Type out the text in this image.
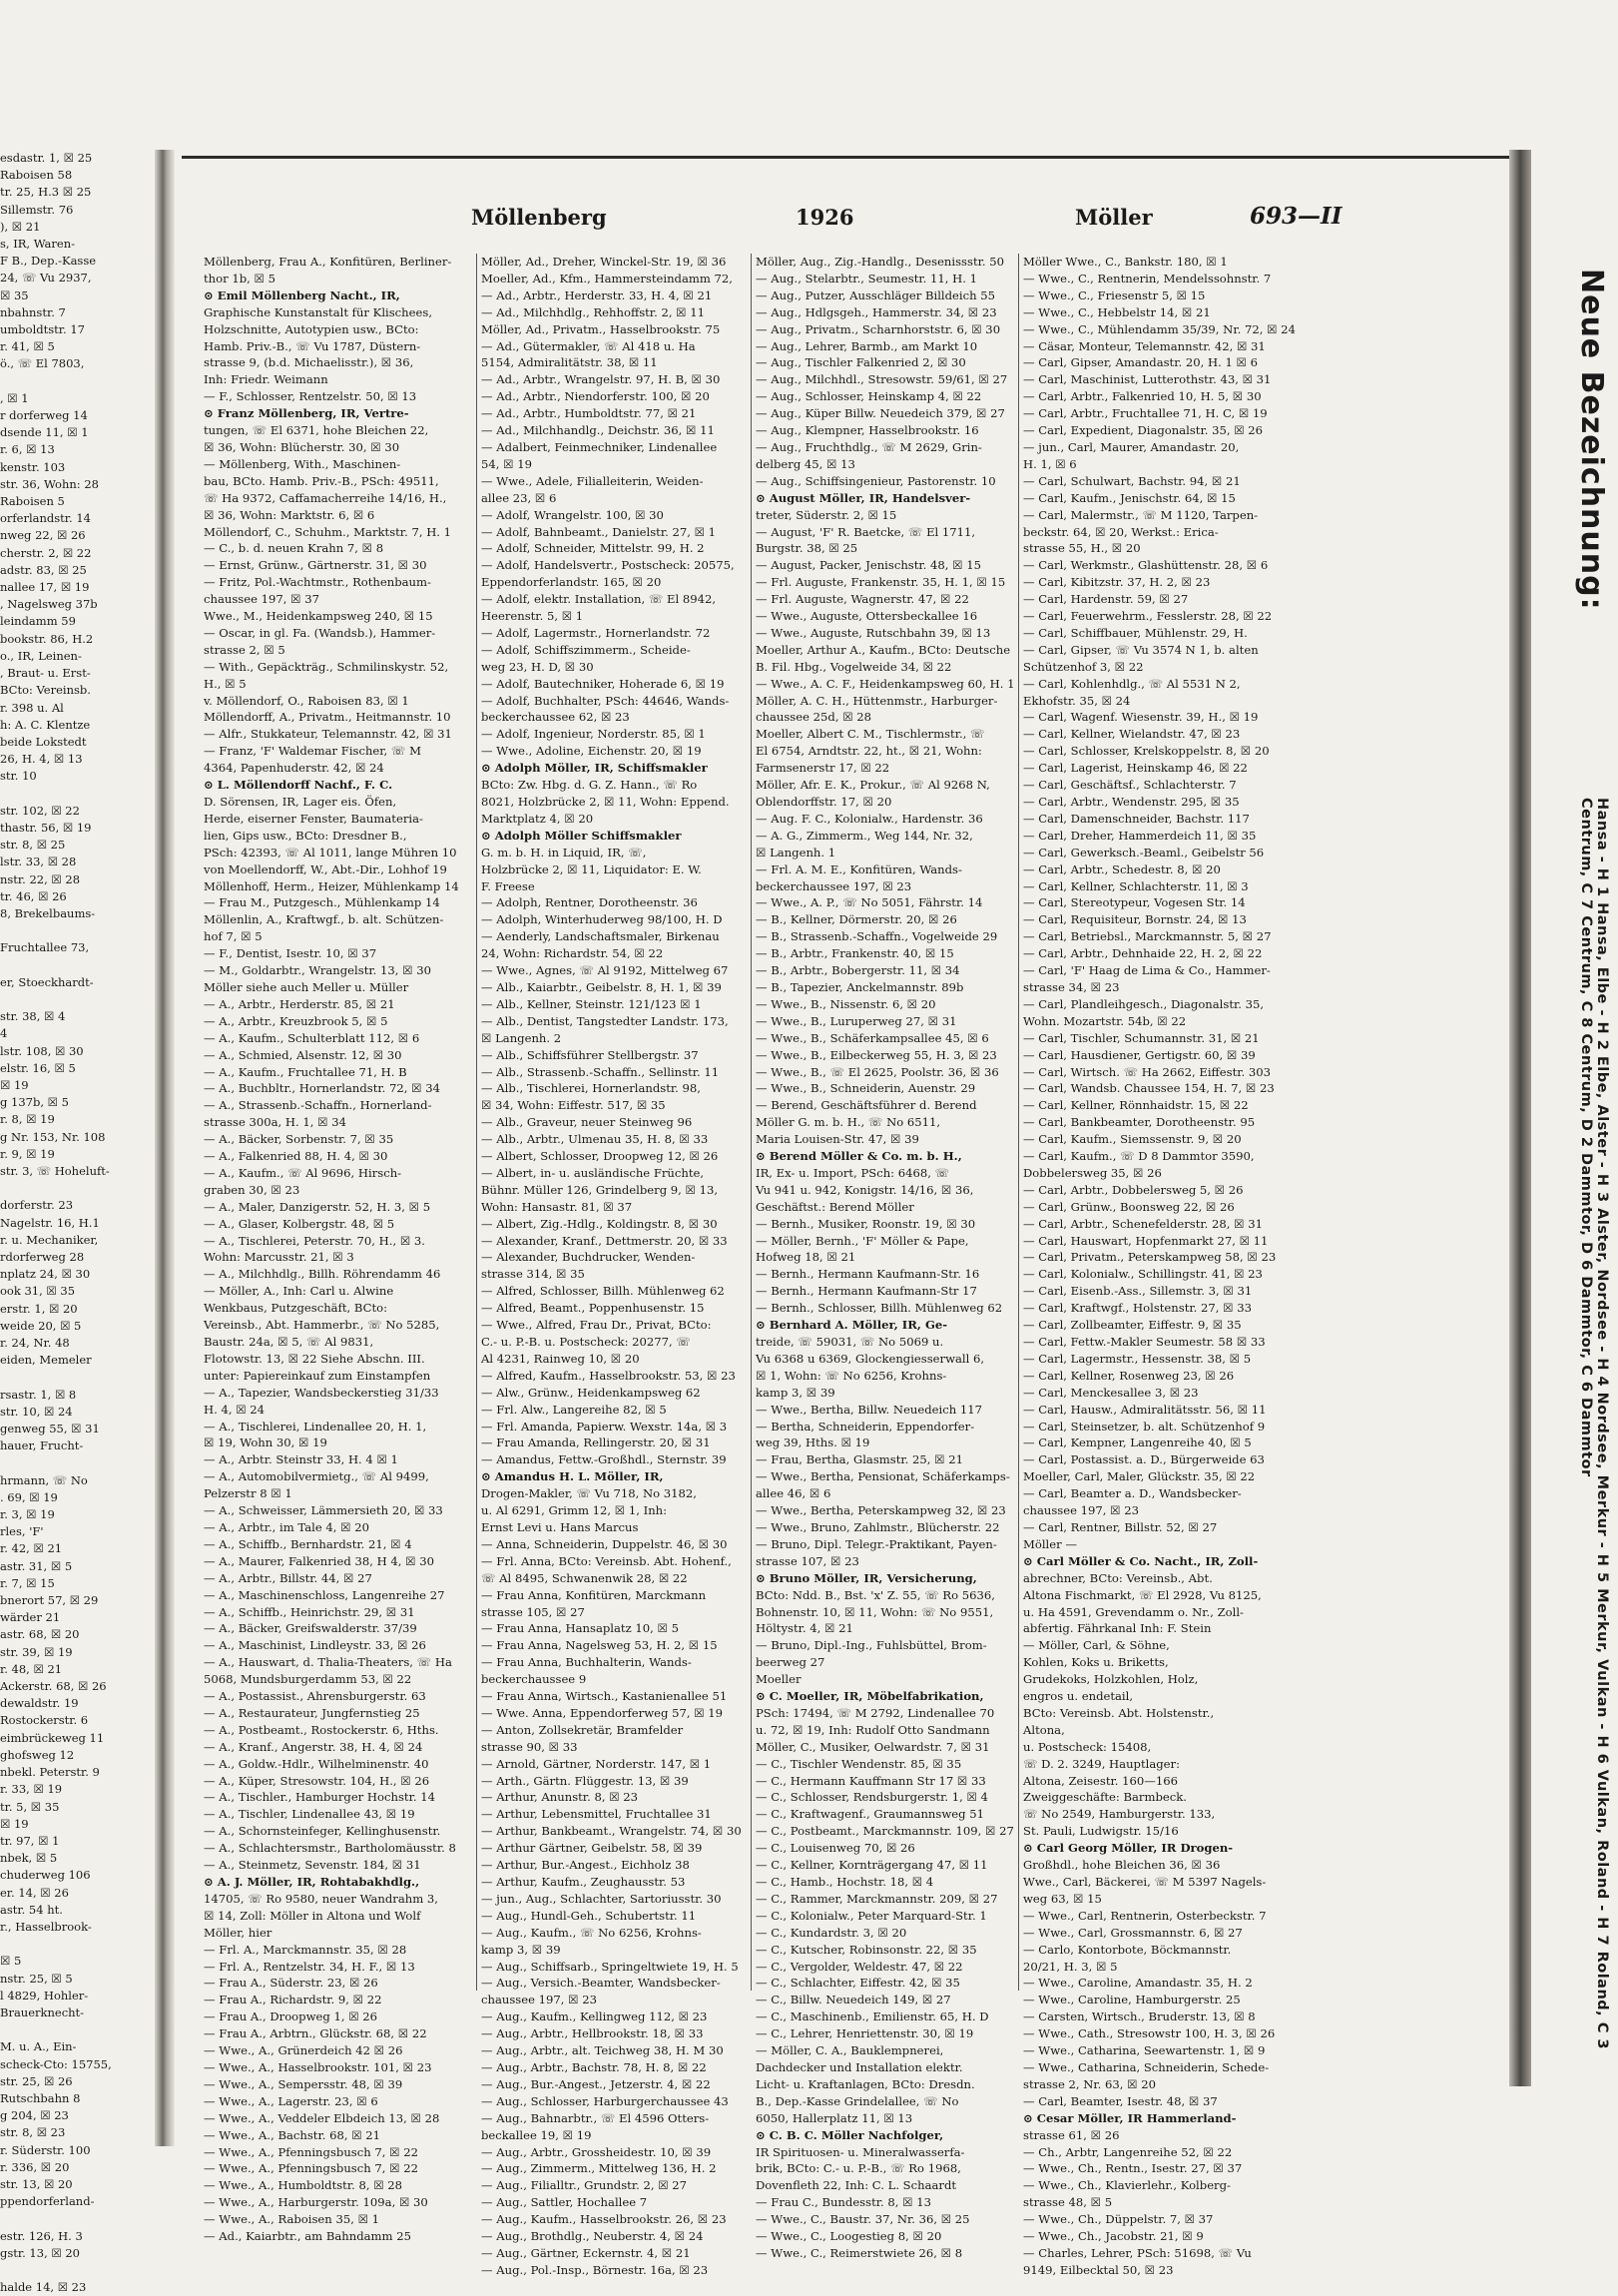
esdastr. 1, ☒ 25
Raboisen 58
tr. 25, H.3 ☒ 25
Sillemstr. 76
), ☒ 21
s, IR, Waren-
F B., Dep.-Kasse
24, ☏ Vu 2937,
☒ 35
nbahnstr. 7
umboldtstr. 17
r. 41, ☒ 5
ö., ☏ El 7803,

, ☒ 1
r dorferweg 14
dsende 11, ☒ 1
r. 6, ☒ 13
kenstr. 103
str. 36, Wohn: 28
Raboisen 5
orferlandstr. 14
nweg 22, ☒ 26
cherstr. 2, ☒ 22
adstr. 83, ☒ 25
nallee 17, ☒ 19
, Nagelsweg 37b
leindamm 59
bookstr. 86, H.2
o., IR, Leinen-
, Braut- u. Erst-
BCto: Vereinsb.
r. 398 u. Al
h: A. C. Klentze
beide Lokstedt
26, H. 4, ☒ 13
str. 10

str. 102, ☒ 22
thastr. 56, ☒ 19
str. 8, ☒ 25
lstr. 33, ☒ 28
nstr. 22, ☒ 28
tr. 46, ☒ 26
8, Brekelbaums-

Fruchtallee 73,

er, Stoeckhardt-

str. 38, ☒ 4
4
lstr. 108, ☒ 30
elstr. 16, ☒ 5
☒ 19
g 137b, ☒ 5
r. 8, ☒ 19
g Nr. 153, Nr. 108
r. 9, ☒ 19
str. 3, ☏ Hoheluft-

dorferstr. 23
Nagelstr. 16, H.1
r. u. Mechaniker,
rdorferweg 28
nplatz 24, ☒ 30
ook 31, ☒ 35
erstr. 1, ☒ 20
weide 20, ☒ 5
r. 24, Nr. 48
eiden, Memeler

rsastr. 1, ☒ 8
str. 10, ☒ 24
genweg 55, ☒ 31
hauer, Frucht-

hrmann, ☏ No
. 69, ☒ 19
r. 3, ☒ 19
rles, 'F'
r. 42, ☒ 21
astr. 31, ☒ 5
r. 7, ☒ 15
bnerort 57, ☒ 29
wärder 21
astr. 68, ☒ 20
str. 39, ☒ 19
r. 48, ☒ 21
Ackerstr. 68, ☒ 26
dewaldstr. 19
Rostockerstr. 6
eimbrückeweg 11
ghofsweg 12
nbekl. Peterstr. 9
r. 33, ☒ 19
tr. 5, ☒ 35
☒ 19
tr. 97, ☒ 1
nbek, ☒ 5
chuderweg 106
er. 14, ☒ 26
astr. 54 ht.
r., Hasselbrook-

☒ 5
nstr. 25, ☒ 5
l 4829, Hohler-
Brauerknecht-

M. u. A., Ein-
scheck-Cto: 15755,
str. 25, ☒ 26
Rutschbahn 8
g 204, ☒ 23
str. 8, ☒ 23
r. Süderstr. 100
r. 336, ☒ 20
str. 13, ☒ 20
ppendorferland-

estr. 126, H. 3
gstr. 13, ☒ 20

halde 14, ☒ 23
Möllenberg	1926	Möller	693—II
Möllenberg, Frau A., Konfitüren, Berliner-
thor 1b, ☒ 5
⊙ Emil Möllenberg Nacht., IR,
Graphische Kunstanstalt für Klischees,
Holzschnitte, Autotypien usw., BCto:
Hamb. Priv.-B., ☏ Vu 1787, Düstern-
strasse 9, (b.d. Michaelisstr.), ☒ 36,
Inh: Friedr. Weimann
— F., Schlosser, Rentzelstr. 50, ☒ 13
⊙ Franz Möllenberg, IR, Vertre-
tungen, ☏ El 6371, hohe Bleichen 22,
☒ 36, Wohn: Blücherstr. 30, ☒ 30
— Möllenberg, With., Maschinen-
bau, BCto. Hamb. Priv.-B., PSch: 49511,
☏ Ha 9372, Caffamacherreihe 14/16, H.,
☒ 36, Wohn: Marktstr. 6, ☒ 6
Möllendorf, C., Schuhm., Marktstr. 7, H. 1
— C., b. d. neuen Krahn 7, ☒ 8
— Ernst, Grünw., Gärtnerstr. 31, ☒ 30
— Fritz, Pol.-Wachtmstr., Rothenbaum-
chaussee 197, ☒ 37
Wwe., M., Heidenkampsweg 240, ☒ 15
— Oscar, in gl. Fa. (Wandsb.), Hammer-
strasse 2, ☒ 5
— With., Gepäckträg., Schmilinskystr. 52,
H., ☒ 5
v. Möllendorf, O., Raboisen 83, ☒ 1
Möllendorff, A., Privatm., Heitmannstr. 10
— Alfr., Stukkateur, Telemannstr. 42, ☒ 31
— Franz, 'F' Waldemar Fischer, ☏ M
4364, Papenhuderstr. 42, ☒ 24
⊙ L. Möllendorff Nachf., F. C.
D. Sörensen, IR, Lager eis. Öfen,
Herde, eiserner Fenster, Baumateria-
lien, Gips usw., BCto: Dresdner B.,
PSch: 42393, ☏ Al 1011, lange Mühren 10
von Moellendorff, W., Abt.-Dir., Lohhof 19
Möllenhoff, Herm., Heizer, Mühlenkamp 14
— Frau M., Putzgesch., Mühlenkamp 14
Möllenlin, A., Kraftwgf., b. alt. Schützen-
hof 7, ☒ 5
— F., Dentist, Isestr. 10, ☒ 37
— M., Goldarbtr., Wrangelstr. 13, ☒ 30
Möller siehe auch Meller u. Müller
— A., Arbtr., Herderstr. 85, ☒ 21
— A., Arbtr., Kreuzbrook 5, ☒ 5
— A., Kaufm., Schulterblatt 112, ☒ 6
— A., Schmied, Alsenstr. 12, ☒ 30
— A., Kaufm., Fruchtallee 71, H. B
— A., Buchbltr., Hornerlandstr. 72, ☒ 34
— A., Strassenb.-Schaffn., Hornerland-
strasse 300a, H. 1, ☒ 34
— A., Bäcker, Sorbenstr. 7, ☒ 35
— A., Falkenried 88, H. 4, ☒ 30
— A., Kaufm., ☏ Al 9696, Hirsch-
graben 30, ☒ 23
— A., Maler, Danzigerstr. 52, H. 3, ☒ 5
— A., Glaser, Kolbergstr. 48, ☒ 5
— A., Tischlerei, Peterstr. 70, H., ☒ 3.
Wohn: Marcusstr. 21, ☒ 3
— A., Milchhdlg., Billh. Röhrendamm 46
— Möller, A., Inh: Carl u. Alwine
Wenkbaus, Putzgeschäft, BCto:
Vereinsb., Abt. Hammerbr., ☏ No 5285,
Baustr. 24a, ☒ 5, ☏ Al 9831,
Flotowstr. 13, ☒ 22 Siehe Abschn. III.
unter: Papiereinkauf zum Einstampfen
— A., Tapezier, Wandsbeckerstieg 31/33
H. 4, ☒ 24
— A., Tischlerei, Lindenallee 20, H. 1,
☒ 19, Wohn 30, ☒ 19
— A., Arbtr. Steinstr 33, H. 4 ☒ 1
— A., Automobilvermietg., ☏ Al 9499,
Pelzerstr 8 ☒ 1
— A., Schweisser, Lämmersieth 20, ☒ 33
— A., Arbtr., im Tale 4, ☒ 20
— A., Schiffb., Bernhardstr. 21, ☒ 4
— A., Maurer, Falkenried 38, H 4, ☒ 30
— A., Arbtr., Billstr. 44, ☒ 27
— A., Maschinenschloss, Langenreihe 27
— A., Schiffb., Heinrichstr. 29, ☒ 31
— A., Bäcker, Greifswalderstr. 37/39
— A., Maschinist, Lindleystr. 33, ☒ 26
— A., Hauswart, d. Thalia-Theaters, ☏ Ha
5068, Mundsburgerdamm 53, ☒ 22
— A., Postassist., Ahrensburgerstr. 63
— A., Restaurateur, Jungfernstieg 25
— A., Postbeamt., Rostockerstr. 6, Hths.
— A., Kranf., Angerstr. 38, H. 4, ☒ 24
— A., Goldw.-Hdlr., Wilhelminenstr. 40
— A., Küper, Stresowstr. 104, H., ☒ 26
— A., Tischler., Hamburger Hochstr. 14
— A., Tischler, Lindenallee 43, ☒ 19
— A., Schornsteinfeger, Kellinghusenstr.
— A., Schlachtersmstr., Bartholomäusstr. 8
— A., Steinmetz, Sevenstr. 184, ☒ 31
⊙ A. J. Möller, IR, Rohtabakhdlg.,
14705, ☏ Ro 9580, neuer Wandrahm 3,
☒ 14, Zoll: Möller in Altona und Wolf
Möller, hier
— Frl. A., Marckmannstr. 35, ☒ 28
— Frl. A., Rentzelstr. 34, H. F., ☒ 13
— Frau A., Süderstr. 23, ☒ 26
— Frau A., Richardstr. 9, ☒ 22
— Frau A., Droopweg 1, ☒ 26
— Frau A., Arbtrn., Glückstr. 68, ☒ 22
— Wwe., A., Grünerdeich 42 ☒ 26
— Wwe., A., Hasselbrookstr. 101, ☒ 23
— Wwe., A., Sempersstr. 48, ☒ 39
— Wwe., A., Lagerstr. 23, ☒ 6
— Wwe., A., Veddeler Elbdeich 13, ☒ 28
— Wwe., A., Bachstr. 68, ☒ 21
— Wwe., A., Pfenningsbusch 7, ☒ 22
— Wwe., A., Pfenningsbusch 7, ☒ 22
— Wwe., A., Humboldtstr. 8, ☒ 28
— Wwe., A., Harburgerstr. 109a, ☒ 30
— Wwe., A., Raboisen 35, ☒ 1
— Ad., Kaiarbtr., am Bahndamm 25
Möller, Ad., Dreher, Winckel-Str. 19, ☒ 36
Moeller, Ad., Kfm., Hammersteindamm 72,
— Ad., Arbtr., Herderstr. 33, H. 4, ☒ 21
— Ad., Milchhdlg., Rehhoffstr. 2, ☒ 11
Möller, Ad., Privatm., Hasselbrookstr. 75
— Ad., Gütermakler, ☏ Al 418 u. Ha
5154, Admiralitätstr. 38, ☒ 11
— Ad., Arbtr., Wrangelstr. 97, H. B, ☒ 30
— Ad., Arbtr., Niendorferstr. 100, ☒ 20
— Ad., Arbtr., Humboldtstr. 77, ☒ 21
— Ad., Milchhandlg., Deichstr. 36, ☒ 11
— Adalbert, Feinmechniker, Lindenallee
54, ☒ 19
— Wwe., Adele, Filialleiterin, Weiden-
allee 23, ☒ 6
— Adolf, Wrangelstr. 100, ☒ 30
— Adolf, Bahnbeamt., Danielstr. 27, ☒ 1
— Adolf, Schneider, Mittelstr. 99, H. 2
— Adolf, Handelsvertr., Postscheck: 20575,
Eppendorferlandstr. 165, ☒ 20
— Adolf, elektr. Installation, ☏ El 8942,
Heerenstr. 5, ☒ 1
— Adolf, Lagermstr., Hornerlandstr. 72
— Adolf, Schiffszimmerm., Scheide-
weg 23, H. D, ☒ 30
— Adolf, Bautechniker, Hoherade 6, ☒ 19
— Adolf, Buchhalter, PSch: 44646, Wands-
beckerchaussee 62, ☒ 23
— Adolf, Ingenieur, Norderstr. 85, ☒ 1
— Wwe., Adoline, Eichenstr. 20, ☒ 19
⊙ Adolph Möller, IR, Schiffsmakler
BCto: Zw. Hbg. d. G. Z. Hann., ☏ Ro
8021, Holzbrücke 2, ☒ 11, Wohn: Eppend.
Marktplatz 4, ☒ 20
⊙ Adolph Möller Schiffsmakler
G. m. b. H. in Liquid, IR, ☏,
Holzbrücke 2, ☒ 11, Liquidator: E. W.
F. Freese
— Adolph, Rentner, Dorotheenstr. 36
— Adolph, Winterhuderweg 98/100, H. D
— Aenderly, Landschaftsmaler, Birkenau
24, Wohn: Richardstr. 54, ☒ 22
— Wwe., Agnes, ☏ Al 9192, Mittelweg 67
— Alb., Kaiarbtr., Geibelstr. 8, H. 1, ☒ 39
— Alb., Kellner, Steinstr. 121/123 ☒ 1
— Alb., Dentist, Tangstedter Landstr. 173,
☒ Langenh. 2
— Alb., Schiffsführer Stellbergstr. 37
— Alb., Strassenb.-Schaffn., Sellinstr. 11
— Alb., Tischlerei, Hornerlandstr. 98,
☒ 34, Wohn: Eiffestr. 517, ☒ 35
— Alb., Graveur, neuer Steinweg 96
— Alb., Arbtr., Ulmenau 35, H. 8, ☒ 33
— Albert, Schlosser, Droopweg 12, ☒ 26
— Albert, in- u. ausländische Früchte,
Bühnr. Müller 126, Grindelberg 9, ☒ 13,
Wohn: Hansastr. 81, ☒ 37
— Albert, Zig.-Hdlg., Koldingstr. 8, ☒ 30
— Alexander, Kranf., Dettmerstr. 20, ☒ 33
— Alexander, Buchdrucker, Wenden-
strasse 314, ☒ 35
— Alfred, Schlosser, Billh. Mühlenweg 62
— Alfred, Beamt., Poppenhusenstr. 15
— Wwe., Alfred, Frau Dr., Privat, BCto:
C.- u. P.-B. u. Postscheck: 20277, ☏
Al 4231, Rainweg 10, ☒ 20
— Alfred, Kaufm., Hasselbrookstr. 53, ☒ 23
— Alw., Grünw., Heidenkampsweg 62
— Frl. Alw., Langereihe 82, ☒ 5
— Frl. Amanda, Papierw. Wexstr. 14a, ☒ 3
— Frau Amanda, Rellingerstr. 20, ☒ 31
— Amandus, Fettw.-Großhdl., Sternstr. 39
⊙ Amandus H. L. Möller, IR,
Drogen-Makler, ☏ Vu 718, No 3182,
u. Al 6291, Grimm 12, ☒ 1, Inh:
Ernst Levi u. Hans Marcus
— Anna, Schneiderin, Duppelstr. 46, ☒ 30
— Frl. Anna, BCto: Vereinsb. Abt. Hohenf.,
☏ Al 8495, Schwanenwik 28, ☒ 22
— Frau Anna, Konfitüren, Marckmann
strasse 105, ☒ 27
— Frau Anna, Hansaplatz 10, ☒ 5
— Frau Anna, Nagelsweg 53, H. 2, ☒ 15
— Frau Anna, Buchhalterin, Wands-
beckerchaussee 9
— Frau Anna, Wirtsch., Kastanienallee 51
— Wwe. Anna, Eppendorferweg 57, ☒ 19
— Anton, Zollsekretär, Bramfelder
strasse 90, ☒ 33
— Arnold, Gärtner, Norderstr. 147, ☒ 1
— Arth., Gärtn. Flüggestr. 13, ☒ 39
— Arthur, Anunstr. 8, ☒ 23
— Arthur, Lebensmittel, Fruchtallee 31
— Arthur, Bankbeamt., Wrangelstr. 74, ☒ 30
— Arthur Gärtner, Geibelstr. 58, ☒ 39
— Arthur, Bur.-Angest., Eichholz 38
— Arthur, Kaufm., Zeughausstr. 53
— jun., Aug., Schlachter, Sartoriusstr. 30
— Aug., Hundl-Geh., Schubertstr. 11
— Aug., Kaufm., ☏ No 6256, Krohns-
kamp 3, ☒ 39
— Aug., Schiffsarb., Springeltwiete 19, H. 5
— Aug., Versich.-Beamter, Wandsbecker-
chaussee 197, ☒ 23
— Aug., Kaufm., Kellingweg 112, ☒ 23
— Aug., Arbtr., Hellbrookstr. 18, ☒ 33
— Aug., Arbtr., alt. Teichweg 38, H. M 30
— Aug., Arbtr., Bachstr. 78, H. 8, ☒ 22
— Aug., Bur.-Angest., Jetzerstr. 4, ☒ 22
— Aug., Schlosser, Harburgerchaussee 43
— Aug., Bahnarbtr., ☏ El 4596 Otters-
beckallee 19, ☒ 19
— Aug., Arbtr., Grossheidestr. 10, ☒ 39
— Aug., Zimmerm., Mittelweg 136, H. 2
— Aug., Filialltr., Grundstr. 2, ☒ 27
— Aug., Sattler, Hochallee 7
— Aug., Kaufm., Hasselbrookstr. 26, ☒ 23
— Aug., Brothdlg., Neuberstr. 4, ☒ 24
— Aug., Gärtner, Eckernstr. 4, ☒ 21
— Aug., Pol.-Insp., Börnestr. 16a, ☒ 23
Möller, Aug., Zig.-Handlg., Desenissstr. 50
— Aug., Stelarbtr., Seumestr. 11, H. 1
— Aug., Putzer, Ausschläger Billdeich 55
— Aug., Hdlgsgeh., Hammerstr. 34, ☒ 23
— Aug., Privatm., Scharnhorststr. 6, ☒ 30
— Aug., Lehrer, Barmb., am Markt 10
— Aug., Tischler Falkenried 2, ☒ 30
— Aug., Milchhdl., Stresowstr. 59/61, ☒ 27
— Aug., Schlosser, Heinskamp 4, ☒ 22
— Aug., Küper Billw. Neuedeich 379, ☒ 27
— Aug., Klempner, Hasselbrookstr. 16
— Aug., Fruchthdlg., ☏ M 2629, Grin-
delberg 45, ☒ 13
— Aug., Schiffsingenieur, Pastorenstr. 10
⊙ August Möller, IR, Handelsver-
treter, Süderstr. 2, ☒ 15
— August, 'F' R. Baetcke, ☏ El 1711,
Burgstr. 38, ☒ 25
— August, Packer, Jenischstr. 48, ☒ 15
— Frl. Auguste, Frankenstr. 35, H. 1, ☒ 15
— Frl. Auguste, Wagnerstr. 47, ☒ 22
— Wwe., Auguste, Ottersbeckallee 16
— Wwe., Auguste, Rutschbahn 39, ☒ 13
Moeller, Arthur A., Kaufm., BCto: Deutsche
B. Fil. Hbg., Vogelweide 34, ☒ 22
— Wwe., A. C. F., Heidenkampsweg 60, H. 1
Möller, A. C. H., Hüttenmstr., Harburger-
chaussee 25d, ☒ 28
Moeller, Albert C. M., Tischlermstr., ☏
El 6754, Arndtstr. 22, ht., ☒ 21, Wohn:
Farmsenerstr 17, ☒ 22
Möller, Afr. E. K., Prokur., ☏ Al 9268 N,
Oblendorffstr. 17, ☒ 20
— Aug. F. C., Kolonialw., Hardenstr. 36
— A. G., Zimmerm., Weg 144, Nr. 32,
☒ Langenh. 1
— Frl. A. M. E., Konfitüren, Wands-
beckerchaussee 197, ☒ 23
— Wwe., A. P., ☏ No 5051, Fährstr. 14
— B., Kellner, Dörmerstr. 20, ☒ 26
— B., Strassenb.-Schaffn., Vogelweide 29
— B., Arbtr., Frankenstr. 40, ☒ 15
— B., Arbtr., Bobergerstr. 11, ☒ 34
— B., Tapezier, Anckelmannstr. 89b
— Wwe., B., Nissenstr. 6, ☒ 20
— Wwe., B., Luruperweg 27, ☒ 31
— Wwe., B., Schäferkampsallee 45, ☒ 6
— Wwe., B., Eilbeckerweg 55, H. 3, ☒ 23
— Wwe., B., ☏ El 2625, Poolstr. 36, ☒ 36
— Wwe., B., Schneiderin, Auenstr. 29
— Berend, Geschäftsführer d. Berend
Möller G. m. b. H., ☏ No 6511,
Maria Louisen-Str. 47, ☒ 39
⊙ Berend Möller & Co. m. b. H.,
IR, Ex- u. Import, PSch: 6468, ☏
Vu 941 u. 942, Konigstr. 14/16, ☒ 36,
Geschäftst.: Berend Möller
— Bernh., Musiker, Roonstr. 19, ☒ 30
— Möller, Bernh., 'F' Möller & Pape,
Hofweg 18, ☒ 21
— Bernh., Hermann Kaufmann-Str. 16
— Bernh., Hermann Kaufmann-Str 17
— Bernh., Schlosser, Billh. Mühlenweg 62
⊙ Bernhard A. Möller, IR, Ge-
treide, ☏ 59031, ☏ No 5069 u.
Vu 6368 u 6369, Glockengiesserwall 6,
☒ 1, Wohn: ☏ No 6256, Krohns-
kamp 3, ☒ 39
— Wwe., Bertha, Billw. Neuedeich 117
— Bertha, Schneiderin, Eppendorfer-
weg 39, Hths. ☒ 19
— Frau, Bertha, Glasmstr. 25, ☒ 21
— Wwe., Bertha, Pensionat, Schäferkamps-
allee 46, ☒ 6
— Wwe., Bertha, Peterskampweg 32, ☒ 23
— Wwe., Bruno, Zahlmstr., Blücherstr. 22
— Bruno, Dipl. Telegr.-Praktikant, Payen-
strasse 107, ☒ 23
⊙ Bruno Möller, IR, Versicherung,
BCto: Ndd. B., Bst. 'x' Z. 55, ☏ Ro 5636,
Bohnenstr. 10, ☒ 11, Wohn: ☏ No 9551,
Höltystr. 4, ☒ 21
— Bruno, Dipl.-Ing., Fuhlsbüttel, Brom-
beerweg 27
Moeller
⊙ C. Moeller, IR, Möbelfabrikation,
PSch: 17494, ☏ M 2792, Lindenallee 70
u. 72, ☒ 19, Inh: Rudolf Otto Sandmann
Möller, C., Musiker, Oelwardstr. 7, ☒ 31
— C., Tischler Wendenstr. 85, ☒ 35
— C., Hermann Kauffmann Str 17 ☒ 33
— C., Schlosser, Rendsburgerstr. 1, ☒ 4
— C., Kraftwagenf., Graumannsweg 51
— C., Postbeamt., Marckmannstr. 109, ☒ 27
— C., Louisenweg 70, ☒ 26
— C., Kellner, Kornträgergang 47, ☒ 11
— C., Hamb., Hochstr. 18, ☒ 4
— C., Rammer, Marckmannstr. 209, ☒ 27
— C., Kolonialw., Peter Marquard-Str. 1
— C., Kundardstr. 3, ☒ 20
— C., Kutscher, Robinsonstr. 22, ☒ 35
— C., Vergolder, Weldestr. 47, ☒ 22
— C., Schlachter, Eiffestr. 42, ☒ 35
— C., Billw. Neuedeich 149, ☒ 27
— C., Maschinenb., Emilienstr. 65, H. D
— C., Lehrer, Henriettenstr. 30, ☒ 19
— Möller, C. A., Bauklempnerei,
Dachdecker und Installation elektr.
Licht- u. Kraftanlagen, BCto: Dresdn.
B., Dep.-Kasse Grindelallee, ☏ No
6050, Hallerplatz 11, ☒ 13
⊙ C. B. C. Möller Nachfolger,
IR Spirituosen- u. Mineralwasserfa-
brik, BCto: C.- u. P.-B., ☏ Ro 1968,
Dovenfleth 22, Inh: C. L. Schaardt
— Frau C., Bundesstr. 8, ☒ 13
— Wwe., C., Baustr. 37, Nr. 36, ☒ 25
— Wwe., C., Loogestieg 8, ☒ 20
— Wwe., C., Reimerstwiete 26, ☒ 8
Möller Wwe., C., Bankstr. 180, ☒ 1
— Wwe., C., Rentnerin, Mendelssohnstr. 7
— Wwe., C., Friesenstr 5, ☒ 15
— Wwe., C., Hebbelstr 14, ☒ 21
— Wwe., C., Mühlendamm 35/39, Nr. 72, ☒ 24
— Cäsar, Monteur, Telemannstr. 42, ☒ 31
— Carl, Gipser, Amandastr. 20, H. 1 ☒ 6
— Carl, Maschinist, Lutterothstr. 43, ☒ 31
— Carl, Arbtr., Falkenried 10, H. 5, ☒ 30
— Carl, Arbtr., Fruchtallee 71, H. C, ☒ 19
— Carl, Expedient, Diagonalstr. 35, ☒ 26
— jun., Carl, Maurer, Amandastr. 20,
H. 1, ☒ 6
— Carl, Schulwart, Bachstr. 94, ☒ 21
— Carl, Kaufm., Jenischstr. 64, ☒ 15
— Carl, Malermstr., ☏ M 1120, Tarpen-
beckstr. 64, ☒ 20, Werkst.: Erica-
strasse 55, H., ☒ 20
— Carl, Werkmstr., Glashüttenstr. 28, ☒ 6
— Carl, Kibitzstr. 37, H. 2, ☒ 23
— Carl, Hardenstr. 59, ☒ 27
— Carl, Feuerwehrm., Fesslerstr. 28, ☒ 22
— Carl, Schiffbauer, Mühlenstr. 29, H.
— Carl, Gipser, ☏ Vu 3574 N 1, b. alten
Schützenhof 3, ☒ 22
— Carl, Kohlenhdlg., ☏ Al 5531 N 2,
Ekhofstr. 35, ☒ 24
— Carl, Wagenf. Wiesenstr. 39, H., ☒ 19
— Carl, Kellner, Wielandstr. 47, ☒ 23
— Carl, Schlosser, Krelskoppelstr. 8, ☒ 20
— Carl, Lagerist, Heinskamp 46, ☒ 22
— Carl, Geschäftsf., Schlachterstr. 7
— Carl, Arbtr., Wendenstr. 295, ☒ 35
— Carl, Damenschneider, Bachstr. 117
— Carl, Dreher, Hammerdeich 11, ☒ 35
— Carl, Gewerksch.-Beaml., Geibelstr 56
— Carl, Arbtr., Schedestr. 8, ☒ 20
— Carl, Kellner, Schlachterstr. 11, ☒ 3
— Carl, Stereotypeur, Vogesen Str. 14
— Carl, Requisiteur, Bornstr. 24, ☒ 13
— Carl, Betriebsl., Marckmannstr. 5, ☒ 27
— Carl, Arbtr., Dehnhaide 22, H. 2, ☒ 22
— Carl, 'F' Haag de Lima & Co., Hammer-
strasse 34, ☒ 23
— Carl, Plandleihgesch., Diagonalstr. 35,
Wohn. Mozartstr. 54b, ☒ 22
— Carl, Tischler, Schumannstr. 31, ☒ 21
— Carl, Hausdiener, Gertigstr. 60, ☒ 39
— Carl, Wirtsch. ☏ Ha 2662, Eiffestr. 303
— Carl, Wandsb. Chaussee 154, H. 7, ☒ 23
— Carl, Kellner, Rönnhaidstr. 15, ☒ 22
— Carl, Bankbeamter, Dorotheenstr. 95
— Carl, Kaufm., Siemssenstr. 9, ☒ 20
— Carl, Kaufm., ☏ D 8 Dammtor 3590,
Dobbelersweg 35, ☒ 26
— Carl, Arbtr., Dobbelersweg 5, ☒ 26
— Carl, Grünw., Boonsweg 22, ☒ 26
— Carl, Arbtr., Schenefelderstr. 28, ☒ 31
— Carl, Hauswart, Hopfenmarkt 27, ☒ 11
— Carl, Privatm., Peterskampweg 58, ☒ 23
— Carl, Kolonialw., Schillingstr. 41, ☒ 23
— Carl, Eisenb.-Ass., Sillemstr. 3, ☒ 31
— Carl, Kraftwgf., Holstenstr. 27, ☒ 33
— Carl, Zollbeamter, Eiffestr. 9, ☒ 35
— Carl, Fettw.-Makler Seumestr. 58 ☒ 33
— Carl, Lagermstr., Hessenstr. 38, ☒ 5
— Carl, Kellner, Rosenweg 23, ☒ 26
— Carl, Menckesallee 3, ☒ 23
— Carl, Hausw., Admiralitätsstr. 56, ☒ 11
— Carl, Steinsetzer, b. alt. Schützenhof 9
— Carl, Kempner, Langenreihe 40, ☒ 5
— Carl, Postassist. a. D., Bürgerweide 63
Moeller, Carl, Maler, Glückstr. 35, ☒ 22
— Carl, Beamter a. D., Wandsbecker-
chaussee 197, ☒ 23
— Carl, Rentner, Billstr. 52, ☒ 27
Möller —
⊙ Carl Möller & Co. Nacht., IR, Zoll-
abrechner, BCto: Vereinsb., Abt.
Altona Fischmarkt, ☏ El 2928, Vu 8125,
u. Ha 4591, Grevendamm o. Nr., Zoll-
abfertig. Fährkanal Inh: F. Stein
— Möller, Carl, & Söhne,
Kohlen, Koks u. Briketts,
Grudekoks, Holzkohlen, Holz,
engros u. endetail,
BCto: Vereinsb. Abt. Holstenstr.,
Altona,
u. Postscheck: 15408,
☏ D. 2. 3249, Hauptlager:
Altona, Zeisestr. 160—166
Zweiggeschäfte: Barmbeck.
☏ No 2549, Hamburgerstr. 133,
St. Pauli, Ludwigstr. 15/16
⊙ Carl Georg Möller, IR Drogen-
Großhdl., hohe Bleichen 36, ☒ 36
Wwe., Carl, Bäckerei, ☏ M 5397 Nagels-
weg 63, ☒ 15
— Wwe., Carl, Rentnerin, Osterbeckstr. 7
— Wwe., Carl, Grossmannstr. 6, ☒ 27
— Carlo, Kontorbote, Böckmannstr.
20/21, H. 3, ☒ 5
— Wwe., Caroline, Amandastr. 35, H. 2
— Wwe., Caroline, Hamburgerstr. 25
— Carsten, Wirtsch., Bruderstr. 13, ☒ 8
— Wwe., Cath., Stresowstr 100, H. 3, ☒ 26
— Wwe., Catharina, Seewartenstr. 1, ☒ 9
— Wwe., Catharina, Schneiderin, Schede-
strasse 2, Nr. 63, ☒ 20
— Carl, Beamter, Isestr. 48, ☒ 37
⊙ Cesar Möller, IR Hammerland-
strasse 61, ☒ 26
— Ch., Arbtr, Langenreihe 52, ☒ 22
— Wwe., Ch., Rentn., Isestr. 27, ☒ 37
— Wwe., Ch., Klavierlehr., Kolberg-
strasse 48, ☒ 5
— Wwe., Ch., Düppelstr. 7, ☒ 37
— Wwe., Ch., Jacobstr. 21, ☒ 9
— Charles, Lehrer, PSch: 51698, ☏ Vu
9149, Eilbecktal 50, ☒ 23
Neue Bezeichnung:
Hansa - H 1 Hansa, Elbe - H 2 Elbe, Alster - H 3 Alster, Nordsee - H 4 Nordsee, Merkur - H 5 Merkur, Vulkan - H 6 Vulkan, Roland - H 7 Roland, C 3 Centrum, C 7 Centrum, C 8 Centrum, D 2 Dammtor, D 6 Dammtor, C 6 Dammtor
